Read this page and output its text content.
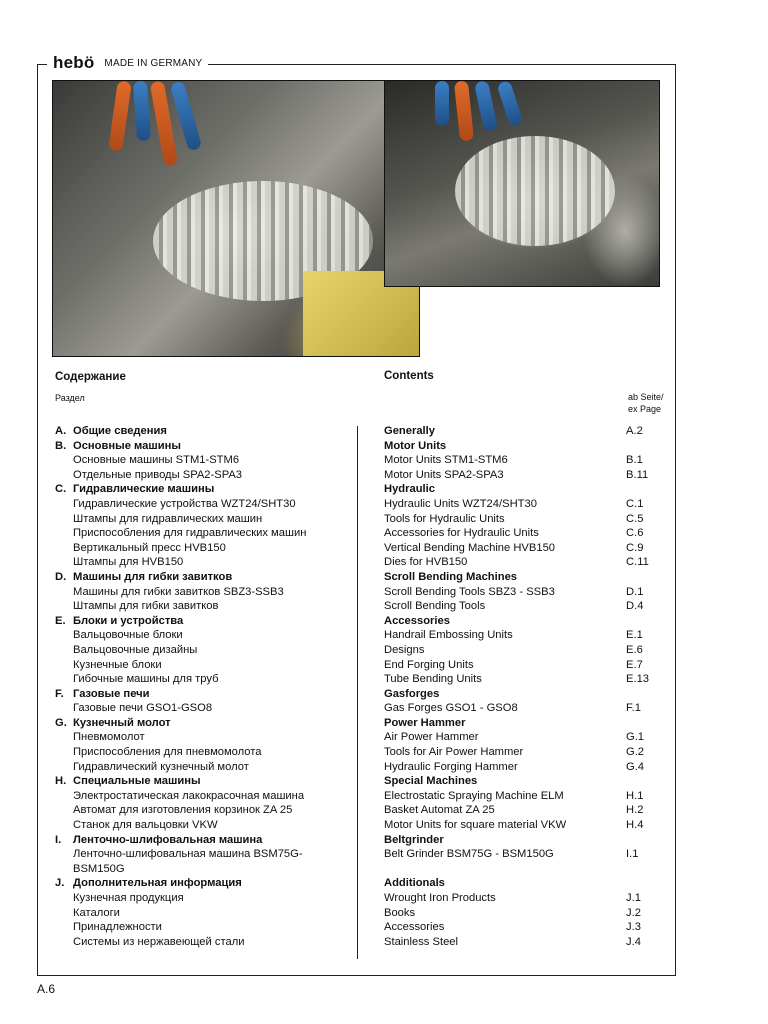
hebö MADE IN GERMANY
Содержание
Раздел
Contents
ab Seite/
ex Page
A. Общие сведения	Generally	A.2
B. Основные машины	Motor Units
Основные машины STM1-STM6	Motor Units STM1-STM6	B.1
Отдельные приводы SPA2-SPA3	Motor Units SPA2-SPA3	B.11
C. Гидравлические машины	Hydraulic
Гидравлические устройства WZT24/SHT30	Hydraulic Units WZT24/SHT30	C.1
Штампы для гидравлических машин	Tools for Hydraulic Units	C.5
Приспособления для гидравлических машин	Accessories for Hydraulic Units	C.6
Вертикальный пресс HVB150	Vertical Bending Machine HVB150	C.9
Штампы для HVB150	Dies for HVB150	C.11
D. Машины для гибки завитков	Scroll Bending Machines
Машины для гибки завитков SBZ3-SSB3	Scroll Bending Tools SBZ3 - SSB3	D.1
Штампы для гибки завитков	Scroll Bending Tools	D.4
E. Блоки и устройства	Accessories
Вальцовочные блоки	Handrail Embossing Units	E.1
Вальцовочные дизайны	Designs	E.6
Кузнечные блоки	End Forging Units	E.7
Гибочные машины для труб	Tube Bending Units	E.13
F. Газовые печи	Gasforges
Газовые печи GSO1-GSO8	Gas Forges GSO1 - GSO8	F.1
G. Кузнечный молот	Power Hammer
Пневмомолот	Air Power Hammer	G.1
Приспособления для пневмомолота	Tools for Air Power Hammer	G.2
Гидравлический кузнечный молот	Hydraulic Forging Hammer	G.4
H. Специальные машины	Special Machines
Электростатическая лакокрасочная машина	Electrostatic Spraying Machine ELM	H.1
Автомат для изготовления корзинок ZA 25	Basket Automat ZA 25	H.2
Станок для вальцовки VKW	Motor Units for square material VKW	H.4
I. Ленточно-шлифовальная машина	Beltgrinder
Ленточно-шлифовальная машина BSM75G-	Belt Grinder BSM75G - BSM150G	I.1
BSM150G
J. Дополнительная информация	Additionals
Кузнечная продукция	Wrought Iron Products	J.1
Каталоги	Books	J.2
Принадлежности	Accessories	J.3
Системы из нержавеющей стали	Stainless Steel	J.4
A.6
